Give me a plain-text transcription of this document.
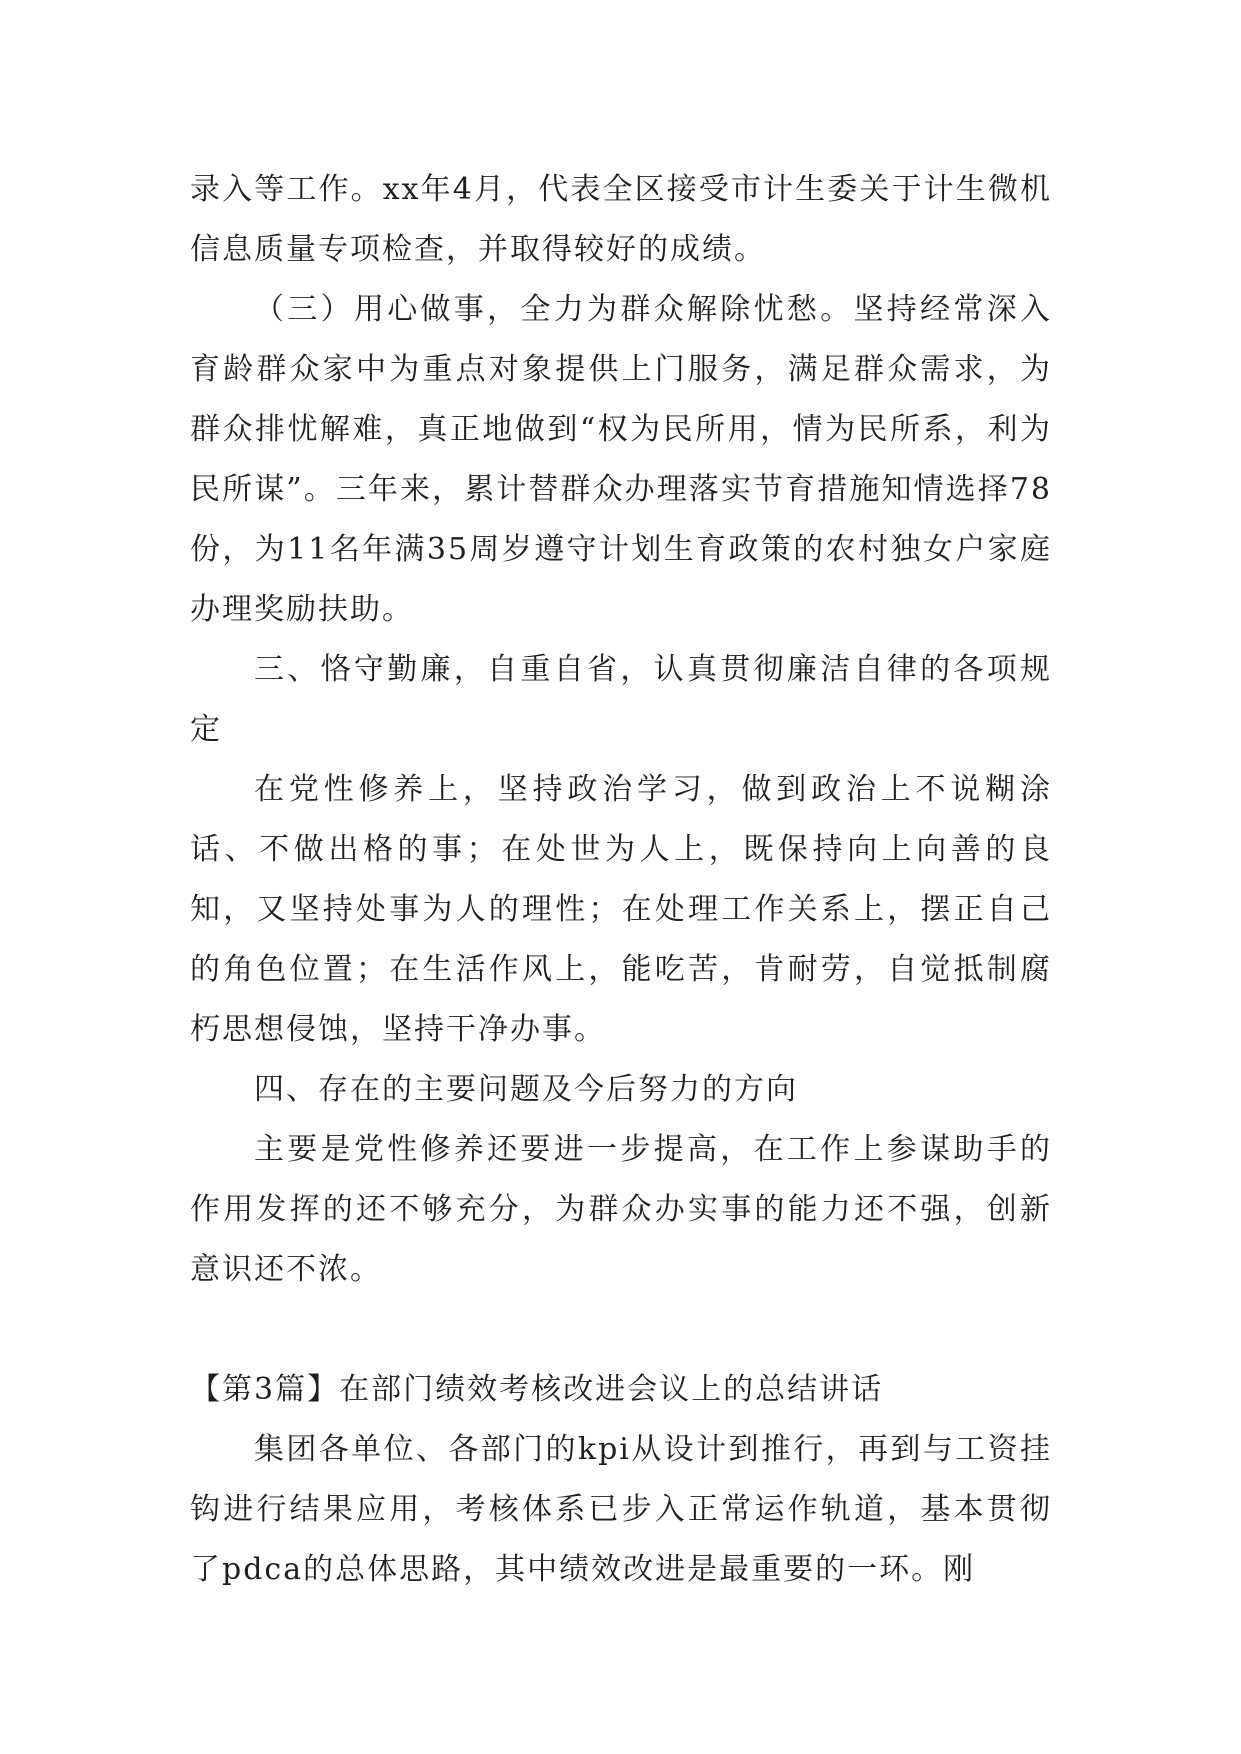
录入等工作。xx年4月，代表全区接受市计生委关于计生微机信息质量专项检查，并取得较好的成绩。

（三）用心做事，全力为群众解除忧愁。坚持经常深入育龄群众家中为重点对象提供上门服务，满足群众需求，为群众排忧解难，真正地做到“权为民所用，情为民所系，利为民所谋”。三年来，累计替群众办理落实节育措施知情选择78份，为11名年满35周岁遵守计划生育政策的农村独女户家庭办理奖励扶助。

三、恪守勤廉，自重自省，认真贯彻廉洁自律的各项规定

在党性修养上，坚持政治学习，做到政治上不说糊涂话、不做出格的事；在处世为人上，既保持向上向善的良知，又坚持处事为人的理性；在处理工作关系上，摆正自己的角色位置；在生活作风上，能吃苦，肯耐劳，自觉抵制腐朽思想侵蚀，坚持干净办事。

四、存在的主要问题及今后努力的方向

主要是党性修养还要进一步提高，在工作上参谋助手的作用发挥的还不够充分，为群众办实事的能力还不强，创新意识还不浓。

【第3篇】在部门绩效考核改进会议上的总结讲话

集团各单位、各部门的kpi从设计到推行，再到与工资挂钩进行结果应用，考核体系已步入正常运作轨道，基本贯彻了pdca的总体思路，其中绩效改进是最重要的一环。刚
